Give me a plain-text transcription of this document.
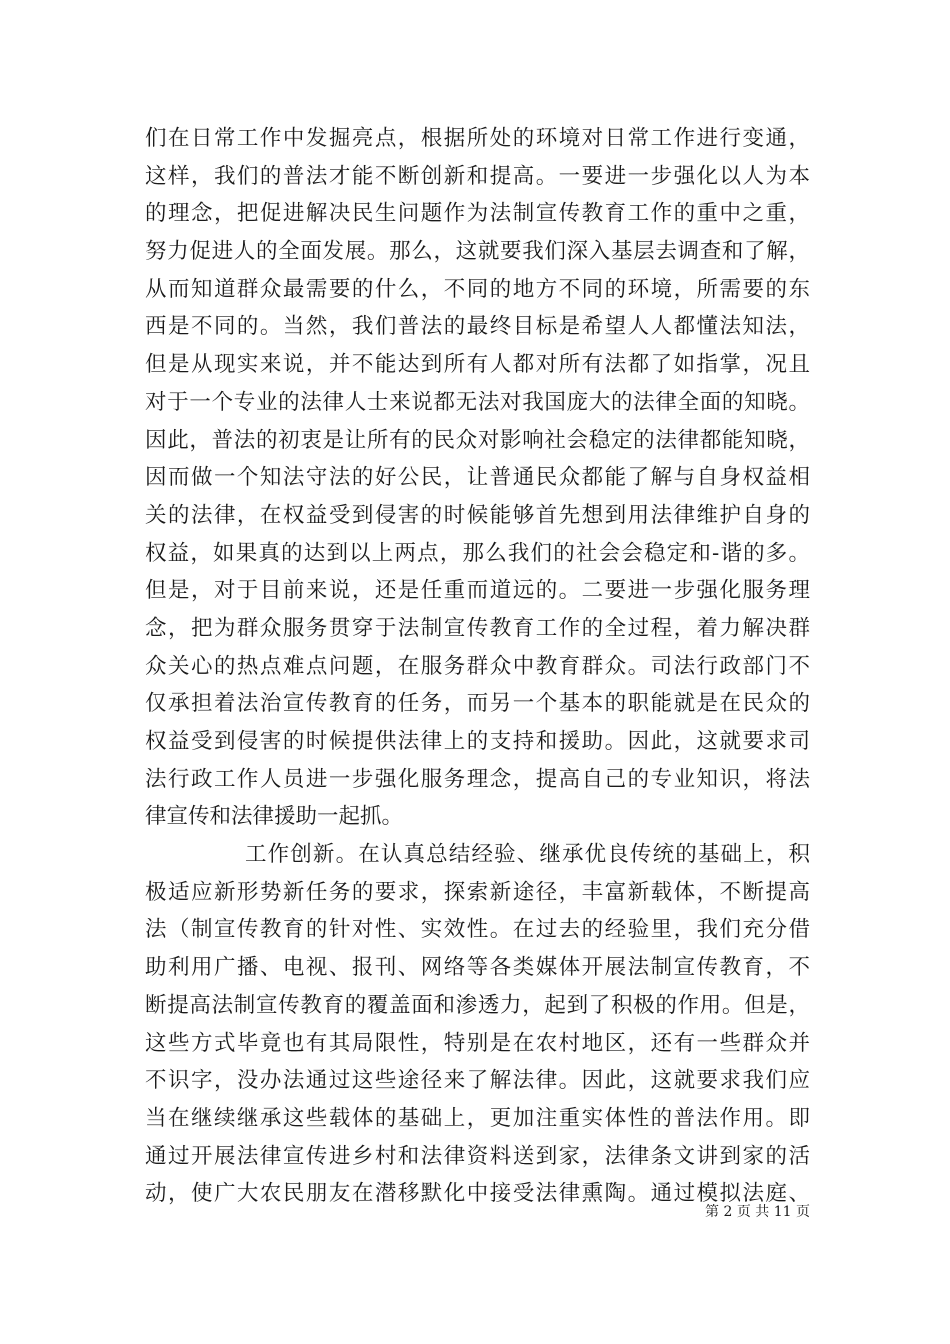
们在日常工作中发掘亮点，根据所处的环境对日常工作进行变通，
这样，我们的普法才能不断创新和提高。一要进一步强化以人为本
的理念，把促进解决民生问题作为法制宣传教育工作的重中之重，
努力促进人的全面发展。那么，这就要我们深入基层去调查和了解，
从而知道群众最需要的什么，不同的地方不同的环境，所需要的东
西是不同的。当然，我们普法的最终目标是希望人人都懂法知法，
但是从现实来说，并不能达到所有人都对所有法都了如指掌，况且
对于一个专业的法律人士来说都无法对我国庞大的法律全面的知晓。
因此，普法的初衷是让所有的民众对影响社会稳定的法律都能知晓，
因而做一个知法守法的好公民，让普通民众都能了解与自身权益相
关的法律，在权益受到侵害的时候能够首先想到用法律维护自身的
权益，如果真的达到以上两点，那么我们的社会会稳定和-谐的多。
但是，对于目前来说，还是任重而道远的。二要进一步强化服务理
念，把为群众服务贯穿于法制宣传教育工作的全过程，着力解决群
众关心的热点难点问题，在服务群众中教育群众。司法行政部门不
仅承担着法治宣传教育的任务，而另一个基本的职能就是在民众的
权益受到侵害的时候提供法律上的支持和援助。因此，这就要求司
法行政工作人员进一步强化服务理念，提高自己的专业知识，将法
律宣传和法律援助一起抓。
工作创新。在认真总结经验、继承优良传统的基础上，积
极适应新形势新任务的要求，探索新途径，丰富新载体，不断提高
法（制宣传教育的针对性、实效性。在过去的经验里，我们充分借
助利用广播、电视、报刊、网络等各类媒体开展法制宣传教育，不
断提高法制宣传教育的覆盖面和渗透力，起到了积极的作用。但是，
这些方式毕竟也有其局限性，特别是在农村地区，还有一些群众并
不识字，没办法通过这些途径来了解法律。因此，这就要求我们应
当在继续继承这些载体的基础上，更加注重实体性的普法作用。即
通过开展法律宣传进乡村和法律资料送到家，法律条文讲到家的活
动，使广大农民朋友在潜移默化中接受法律熏陶。通过模拟法庭、
第 2 页 共 11 页
